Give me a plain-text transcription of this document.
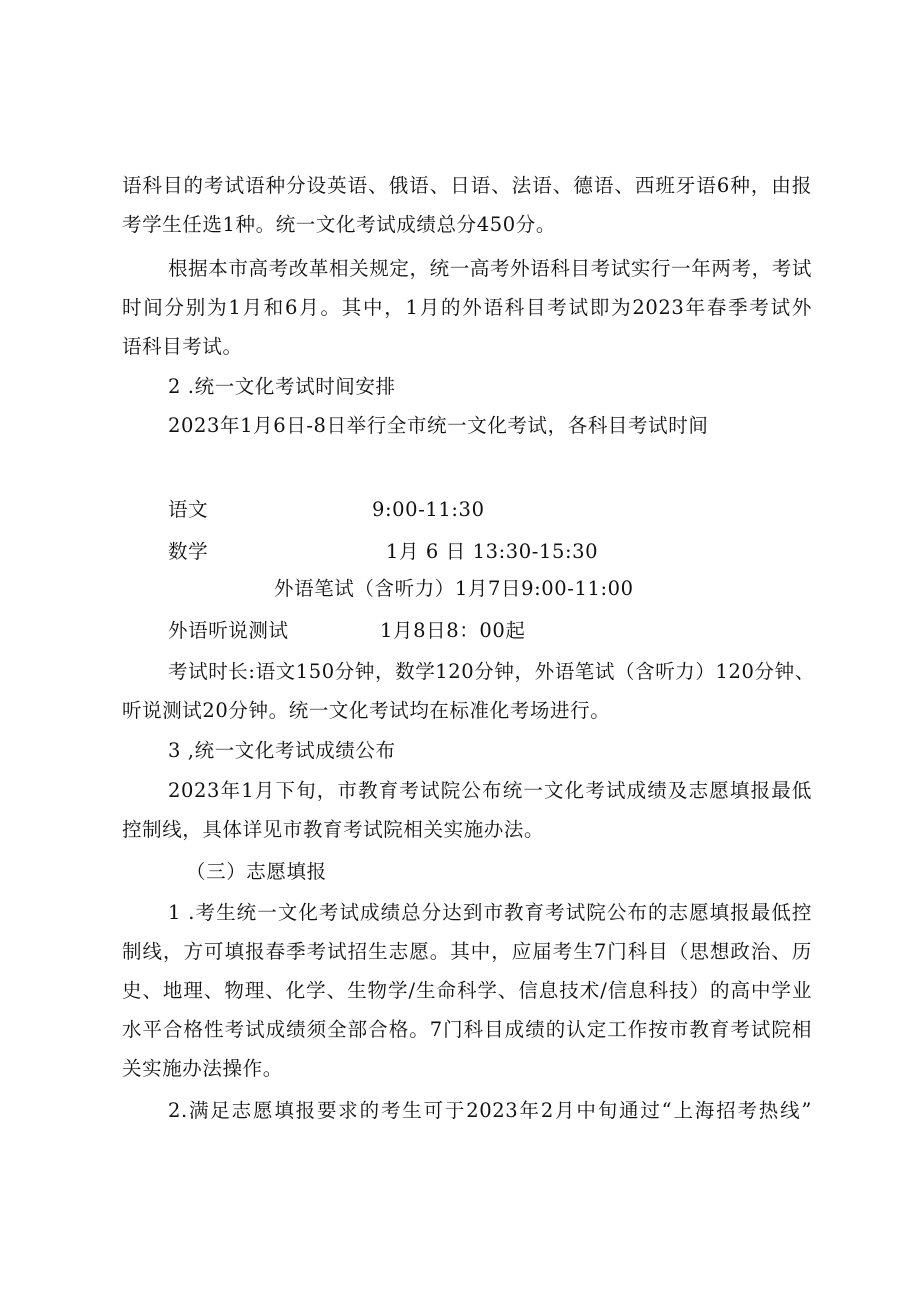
语科目的考试语种分设英语、俄语、日语、法语、德语、西班牙语6种，由报
考学生任选1种。统一文化考试成绩总分450分。
根据本市高考改革相关规定，统一高考外语科目考试实行一年两考，考试
时间分别为1月和6月。其中，1月的外语科目考试即为2023年春季考试外
语科目考试。
2 .统一文化考试时间安排
2023年1月6日-8日举行全市统一文化考试，各科目考试时间
语文	9:00-11:30
数学	1月 6 日 13:30-15:30
外语笔试（含听力）1月7日9:00-11:00
外语听说测试	1月8日8：00起
考试时长:语文150分钟，数学120分钟，外语笔试（含听力）120分钟、
听说测试20分钟。统一文化考试均在标准化考场进行。
3 ,统一文化考试成绩公布
2023年1月下旬，市教育考试院公布统一文化考试成绩及志愿填报最低
控制线，具体详见市教育考试院相关实施办法。
（三）志愿填报
1 .考生统一文化考试成绩总分达到市教育考试院公布的志愿填报最低控
制线，方可填报春季考试招生志愿。其中，应届考生7门科目（思想政治、历
史、地理、物理、化学、生物学/生命科学、信息技术/信息科技）的高中学业
水平合格性考试成绩须全部合格。7门科目成绩的认定工作按市教育考试院相
关实施办法操作。
2.满足志愿填报要求的考生可于2023年2月中旬通过“上海招考热线”
